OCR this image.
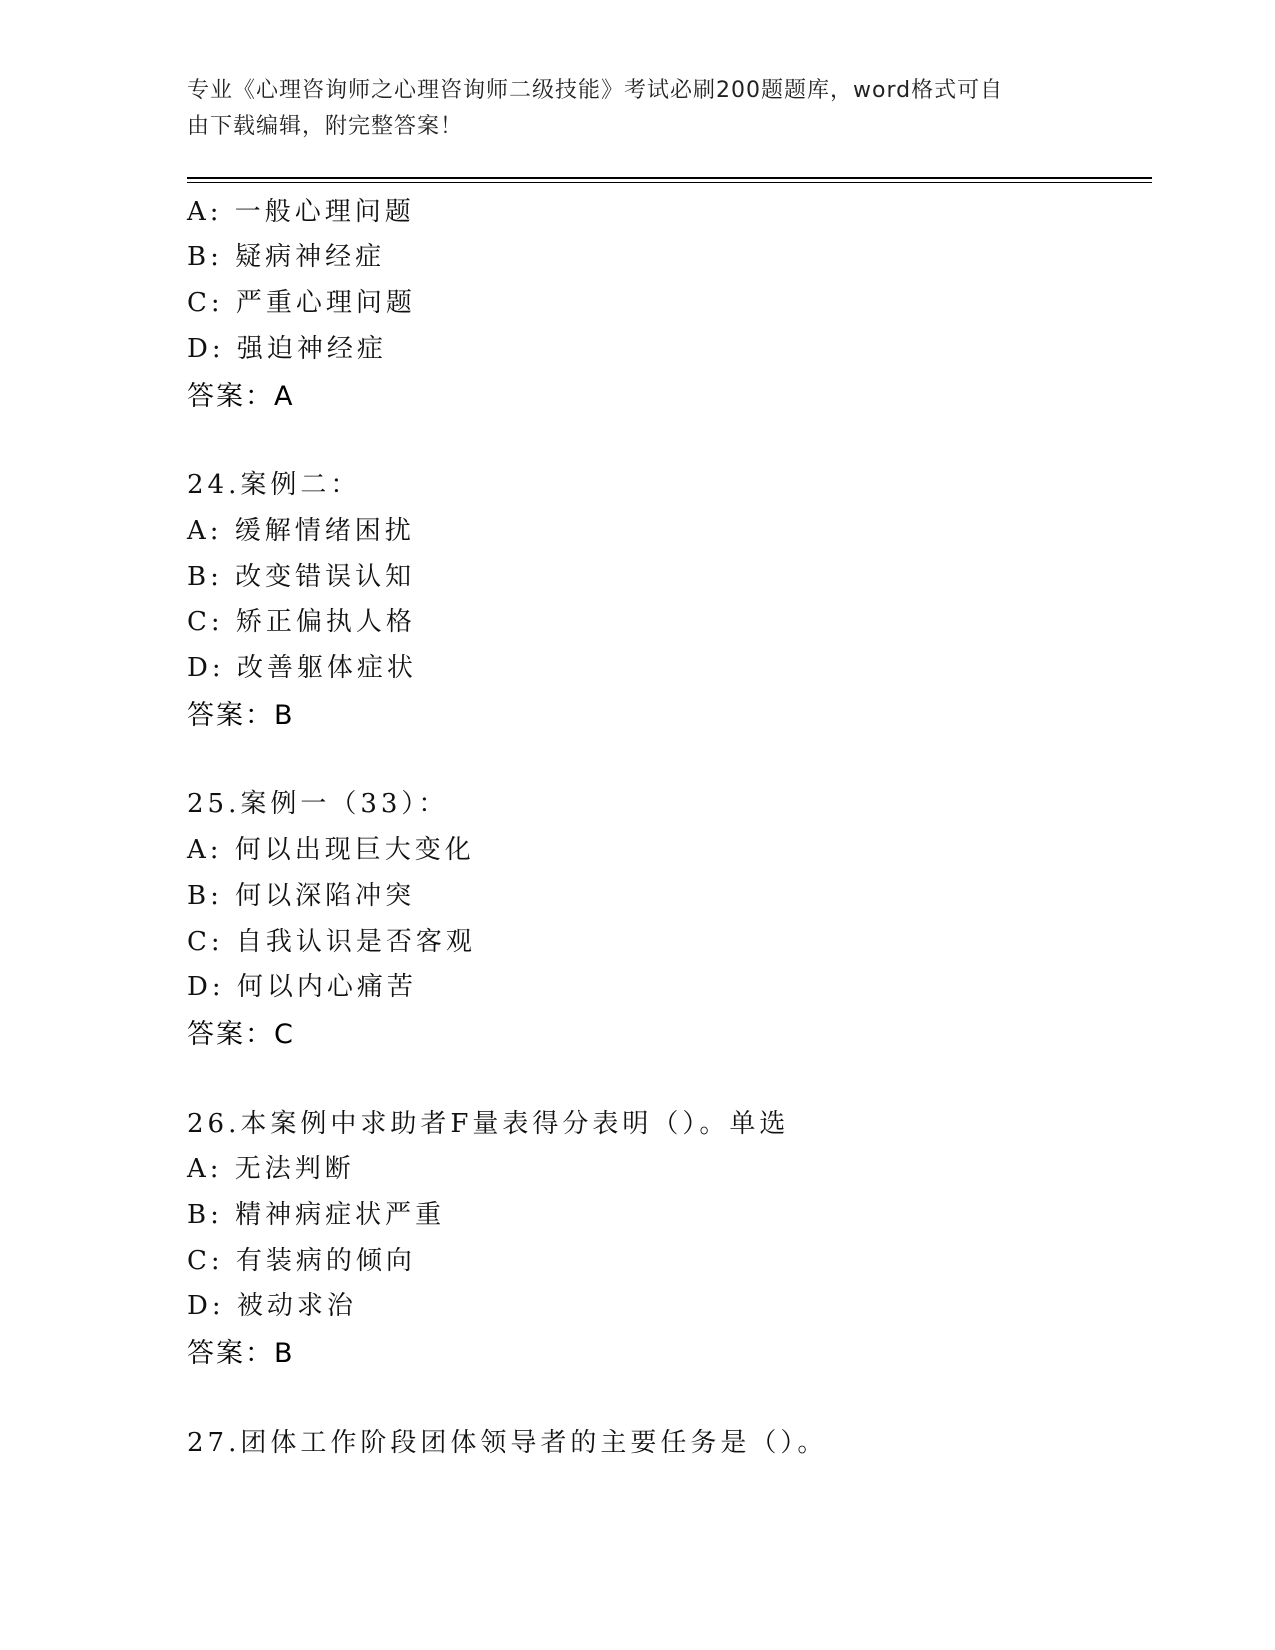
专业《心理咨询师之心理咨询师二级技能》考试必刷200题题库，word格式可自
由下载编辑，附完整答案！
A: 一般心理问题
B: 疑病神经症
C: 严重心理问题
D: 强迫神经症
答案：A
24.案例二：
A: 缓解情绪困扰
B: 改变错误认知
C: 矫正偏执人格
D: 改善躯体症状
答案：B
25.案例一（33）：
A: 何以出现巨大变化
B: 何以深陷冲突
C: 自我认识是否客观
D: 何以内心痛苦
答案：C
26.本案例中求助者F量表得分表明（）。单选
A: 无法判断
B: 精神病症状严重
C: 有装病的倾向
D: 被动求治
答案：B
27.团体工作阶段团体领导者的主要任务是（）。
